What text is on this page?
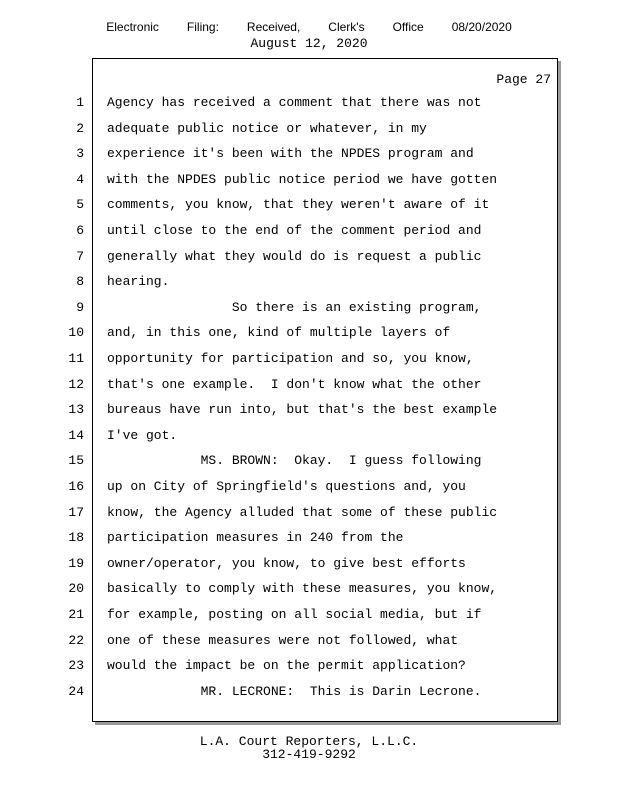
Electronic   Filing:   Received,   Clerk's   Office   08/20/2020
August 12, 2020
Page 27
1 Agency has received a comment that there was not
2 adequate public notice or whatever, in my
3 experience it's been with the NPDES program and
4 with the NPDES public notice period we have gotten
5 comments, you know, that they weren't aware of it
6 until close to the end of the comment period and
7 generally what they would do is request a public
8 hearing.
9 So there is an existing program,
10 and, in this one, kind of multiple layers of
11 opportunity for participation and so, you know,
12 that's one example.  I don't know what the other
13 bureaus have run into, but that's the best example
14 I've got.
15 MS. BROWN:  Okay.  I guess following
16 up on City of Springfield's questions and, you
17 know, the Agency alluded that some of these public
18 participation measures in 240 from the
19 owner/operator, you know, to give best efforts
20 basically to comply with these measures, you know,
21 for example, posting on all social media, but if
22 one of these measures were not followed, what
23 would the impact be on the permit application?
24 MR. LECRONE:  This is Darin Lecrone.
L.A. Court Reporters, L.L.C.
312-419-9292
